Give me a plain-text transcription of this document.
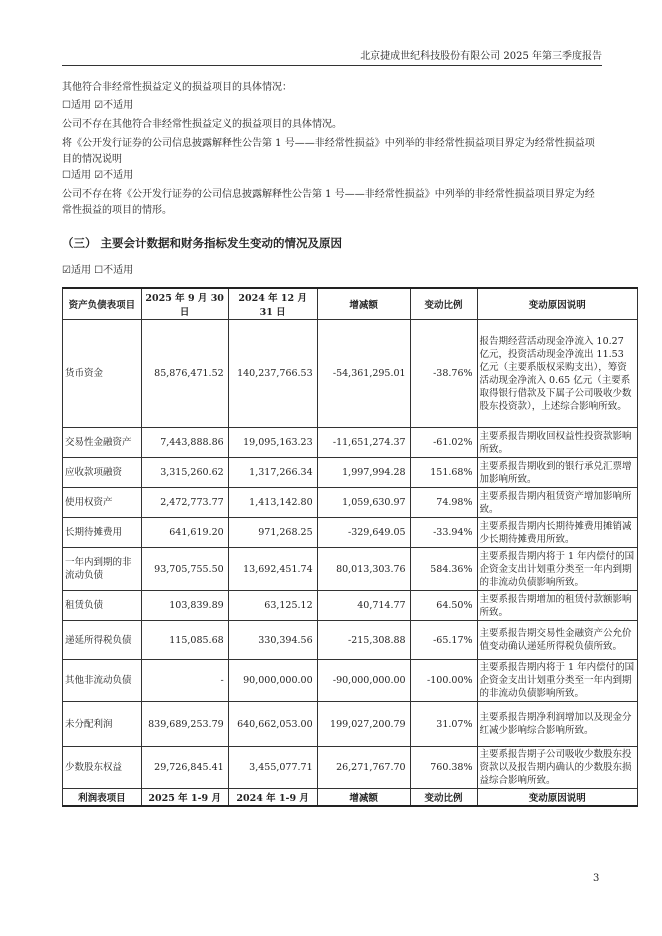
北京捷成世纪科技股份有限公司 2025 年第三季度报告
其他符合非经常性损益定义的损益项目的具体情况：
☐适用 ☑不适用
公司不存在其他符合非经常性损益定义的损益项目的具体情况。
将《公开发行证券的公司信息披露解释性公告第 1 号——非经常性损益》中列举的非经常性损益项目界定为经常性损益项目的情况说明
☐适用 ☑不适用
公司不存在将《公开发行证券的公司信息披露解释性公告第 1 号——非经常性损益》中列举的非经常性损益项目界定为经常性损益的项目的情形。
（三） 主要会计数据和财务指标发生变动的情况及原因
☑适用 ☐不适用
资产负债表项目	2025 年 9 月 30 日	2024 年 12 月 31 日	增减额	变动比例	变动原因说明
货币资金	85,876,471.52	140,237,766.53	-54,361,295.01	-38.76%	报告期经营活动现金净流入 10.27 亿元，投资活动现金净流出 11.53 亿元（主要系版权采购支出），筹资活动现金净流入 0.65 亿元（主要系取得银行借款及下属子公司吸收少数股东投资款），上述综合影响所致。
交易性金融资产	7,443,888.86	19,095,163.23	-11,651,274.37	-61.02%	主要系报告期收回权益性投资款影响所致。
应收款项融资	3,315,260.62	1,317,266.34	1,997,994.28	151.68%	主要系报告期收到的银行承兑汇票增加影响所致。
使用权资产	2,472,773.77	1,413,142.80	1,059,630.97	74.98%	主要系报告期内租赁资产增加影响所致。
长期待摊费用	641,619.20	971,268.25	-329,649.05	-33.94%	主要系报告期内长期待摊费用摊销减少长期待摊费用所致。
一年内到期的非流动负债	93,705,755.50	13,692,451.74	80,013,303.76	584.36%	主要系报告期内将于 1 年内偿付的国企资金支出计划重分类至一年内到期的非流动负债影响所致。
租赁负债	103,839.89	63,125.12	40,714.77	64.50%	主要系报告期增加的租赁付款额影响所致。
递延所得税负债	115,085.68	330,394.56	-215,308.88	-65.17%	主要系报告期交易性金融资产公允价值变动确认递延所得税负债所致。
其他非流动负债	-	90,000,000.00	-90,000,000.00	-100.00%	主要系报告期内将于 1 年内偿付的国企资金支出计划重分类至一年内到期的非流动负债影响所致。
未分配利润	839,689,253.79	640,662,053.00	199,027,200.79	31.07%	主要系报告期净利润增加以及现金分红减少影响综合影响所致。
少数股东权益	29,726,845.41	3,455,077.71	26,271,767.70	760.38%	主要系报告期子公司吸收少数股东投资款以及报告期内确认的少数股东损益综合影响所致。
利润表项目	2025 年 1-9 月	2024 年 1-9 月	增减额	变动比例	变动原因说明
3
